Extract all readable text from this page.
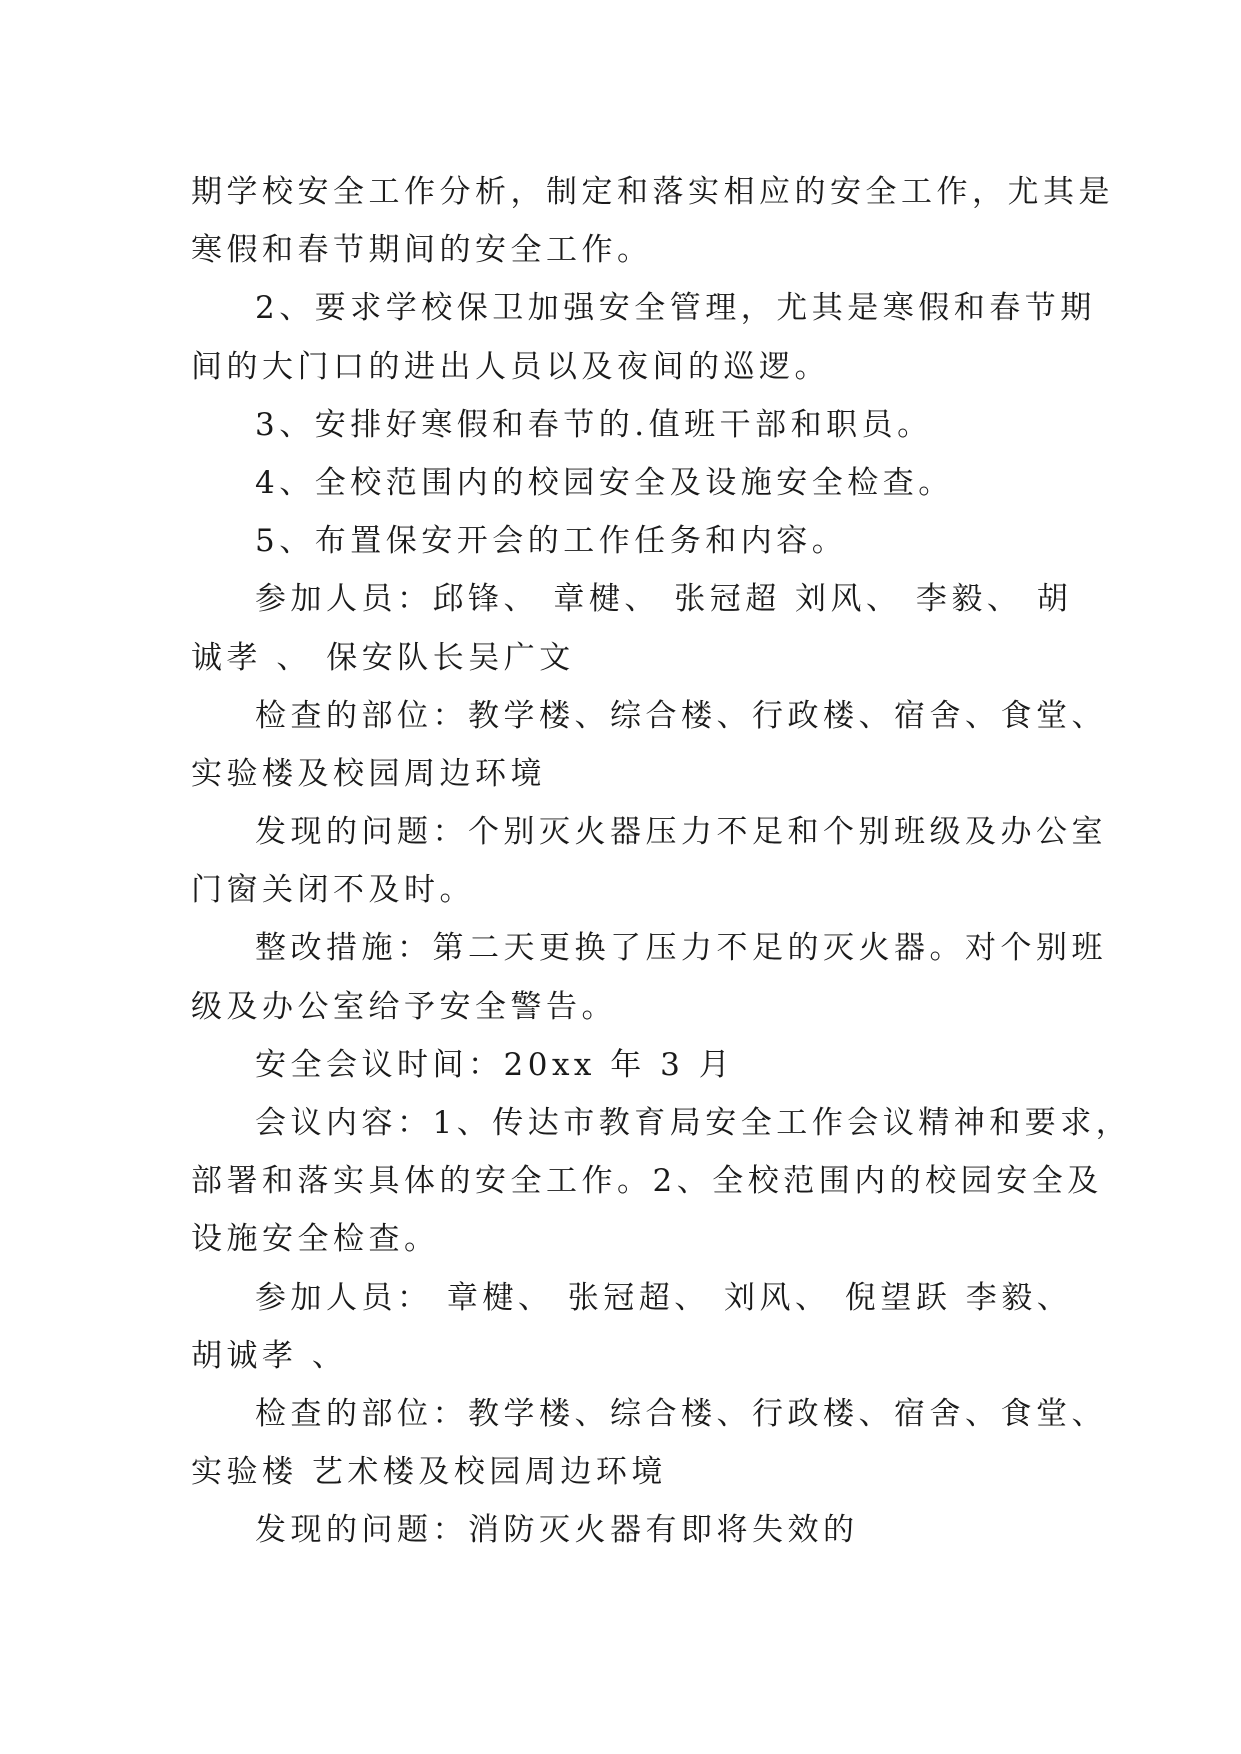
期学校安全工作分析，制定和落实相应的安全工作，尤其是
寒假和春节期间的安全工作。
2、要求学校保卫加强安全管理，尤其是寒假和春节期
间的大门口的进出人员以及夜间的巡逻。
3、安排好寒假和春节的.值班干部和职员。
4、全校范围内的校园安全及设施安全检查。
5、布置保安开会的工作任务和内容。
参加人员：邱锋、 章楗、 张冠超 刘风、 李毅、 胡
诚孝 、 保安队长吴广文
检查的部位：教学楼、综合楼、行政楼、宿舍、食堂、
实验楼及校园周边环境
发现的问题：个别灭火器压力不足和个别班级及办公室
门窗关闭不及时。
整改措施：第二天更换了压力不足的灭火器。对个别班
级及办公室给予安全警告。
安全会议时间：20xx 年 3 月
会议内容：1、传达市教育局安全工作会议精神和要求，
部署和落实具体的安全工作。2、全校范围内的校园安全及
设施安全检查。
参加人员： 章楗、 张冠超、 刘风、 倪望跃 李毅、
胡诚孝 、
检查的部位：教学楼、综合楼、行政楼、宿舍、食堂、
实验楼 艺术楼及校园周边环境
发现的问题：消防灭火器有即将失效的
